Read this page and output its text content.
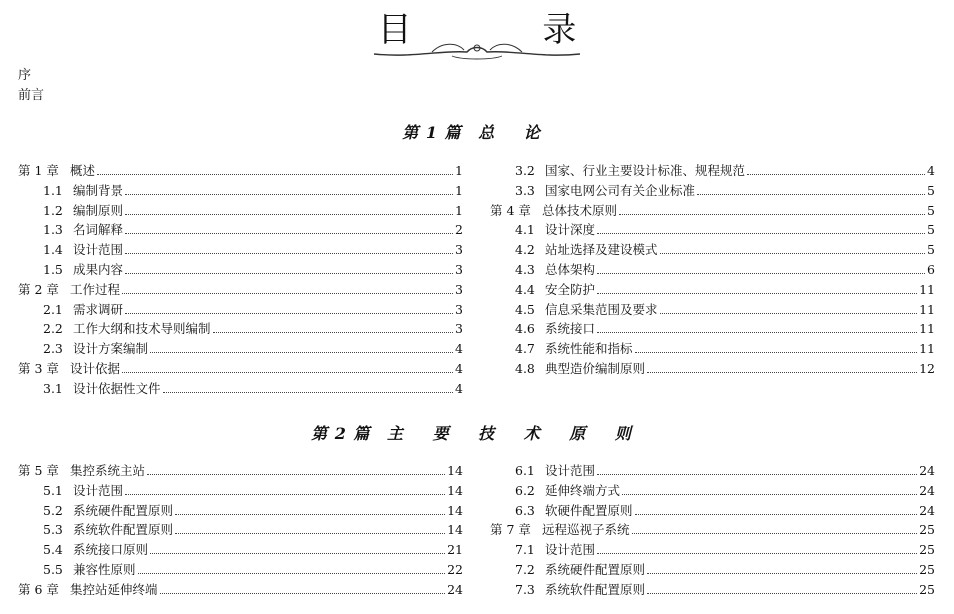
目 录
序
前言
第 1 篇 总 论
第 1 章 概述	1
1.1 编制背景	1
1.2 编制原则	1
1.3 名词解释	2
1.4 设计范围	3
1.5 成果内容	3
第 2 章 工作过程	3
2.1 需求调研	3
2.2 工作大纲和技术导则编制	3
2.3 设计方案编制	4
第 3 章 设计依据	4
3.1 设计依据性文件	4
3.2 国家、行业主要设计标准、规程规范	4
3.3 国家电网公司有关企业标准	5
第 4 章 总体技术原则	5
4.1 设计深度	5
4.2 站址选择及建设模式	5
4.3 总体架构	6
4.4 安全防护	11
4.5 信息采集范围及要求	11
4.6 系统接口	11
4.7 系统性能和指标	11
4.8 典型造价编制原则	12
第 2 篇 主 要 技 术 原 则
第 5 章 集控系统主站	14
5.1 设计范围	14
5.2 系统硬件配置原则	14
5.3 系统软件配置原则	14
5.4 系统接口原则	21
5.5 兼容性原则	22
第 6 章 集控站延伸终端	24
6.1 设计范围	24
6.2 延伸终端方式	24
6.3 软硬件配置原则	24
第 7 章 远程巡视子系统	25
7.1 设计范围	25
7.2 系统硬件配置原则	25
7.3 系统软件配置原则	25
